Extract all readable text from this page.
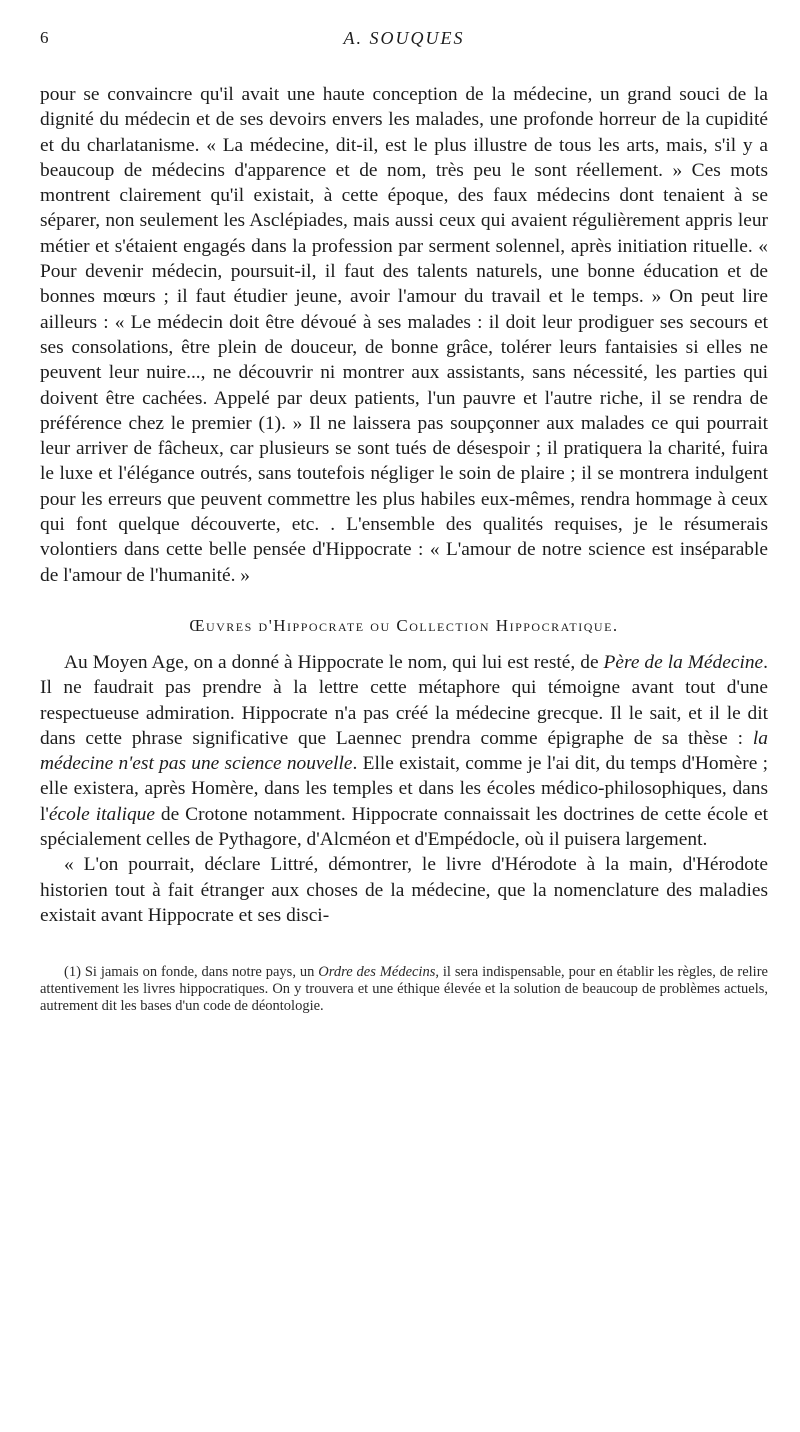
6	A. SOUQUES

pour se convaincre qu'il avait une haute conception de la médecine, un grand souci de la dignité du médecin et de ses devoirs envers les malades, une profonde horreur de la cupidité et du charlatanisme. « La médecine, dit-il, est le plus illustre de tous les arts, mais, s'il y a beaucoup de médecins d'apparence et de nom, très peu le sont réellement. » Ces mots montrent clairement qu'il existait, à cette époque, des faux médecins dont tenaient à se séparer, non seulement les Asclépiades, mais aussi ceux qui avaient régulièrement appris leur métier et s'étaient engagés dans la profession par serment solennel, après initiation rituelle. « Pour devenir médecin, poursuit-il, il faut des talents naturels, une bonne éducation et de bonnes mœurs ; il faut étudier jeune, avoir l'amour du travail et le temps. » On peut lire ailleurs : « Le médecin doit être dévoué à ses malades : il doit leur prodiguer ses secours et ses consolations, être plein de douceur, de bonne grâce, tolérer leurs fantaisies si elles ne peuvent leur nuire..., ne découvrir ni montrer aux assistants, sans nécessité, les parties qui doivent être cachées. Appelé par deux patients, l'un pauvre et l'autre riche, il se rendra de préférence chez le premier (1). » Il ne laissera pas soupçonner aux malades ce qui pourrait leur arriver de fâcheux, car plusieurs se sont tués de désespoir ; il pratiquera la charité, fuira le luxe et l'élégance outrés, sans toutefois négliger le soin de plaire ; il se montrera indulgent pour les erreurs que peuvent commettre les plus habiles eux-mêmes, rendra hommage à ceux qui font quelque découverte, etc. . L'ensemble des qualités requises, je le résumerais volontiers dans cette belle pensée d'Hippocrate : « L'amour de notre science est inséparable de l'amour de l'humanité. »

Œuvres d'Hippocrate ou Collection Hippocratique.

Au Moyen Age, on a donné à Hippocrate le nom, qui lui est resté, de Père de la Médecine. Il ne faudrait pas prendre à la lettre cette métaphore qui témoigne avant tout d'une respectueuse admiration. Hippocrate n'a pas créé la médecine grecque. Il le sait, et il le dit dans cette phrase significative que Laennec prendra comme épigraphe de sa thèse : la médecine n'est pas une science nouvelle. Elle existait, comme je l'ai dit, du temps d'Homère ; elle existera, après Homère, dans les temples et dans les écoles médico-philosophiques, dans l'école italique de Crotone notamment. Hippocrate connaissait les doctrines de cette école et spécialement celles de Pythagore, d'Alcméon et d'Empédocle, où il puisera largement.

« L'on pourrait, déclare Littré, démontrer, le livre d'Hérodote à la main, d'Hérodote historien tout à fait étranger aux choses de la médecine, que la nomenclature des maladies existait avant Hippocrate et ses disci-

(1) Si jamais on fonde, dans notre pays, un Ordre des Médecins, il sera indispensable, pour en établir les règles, de relire attentivement les livres hippocratiques. On y trouvera et une éthique élevée et la solution de beaucoup de problèmes actuels, autrement dit les bases d'un code de déontologie.
